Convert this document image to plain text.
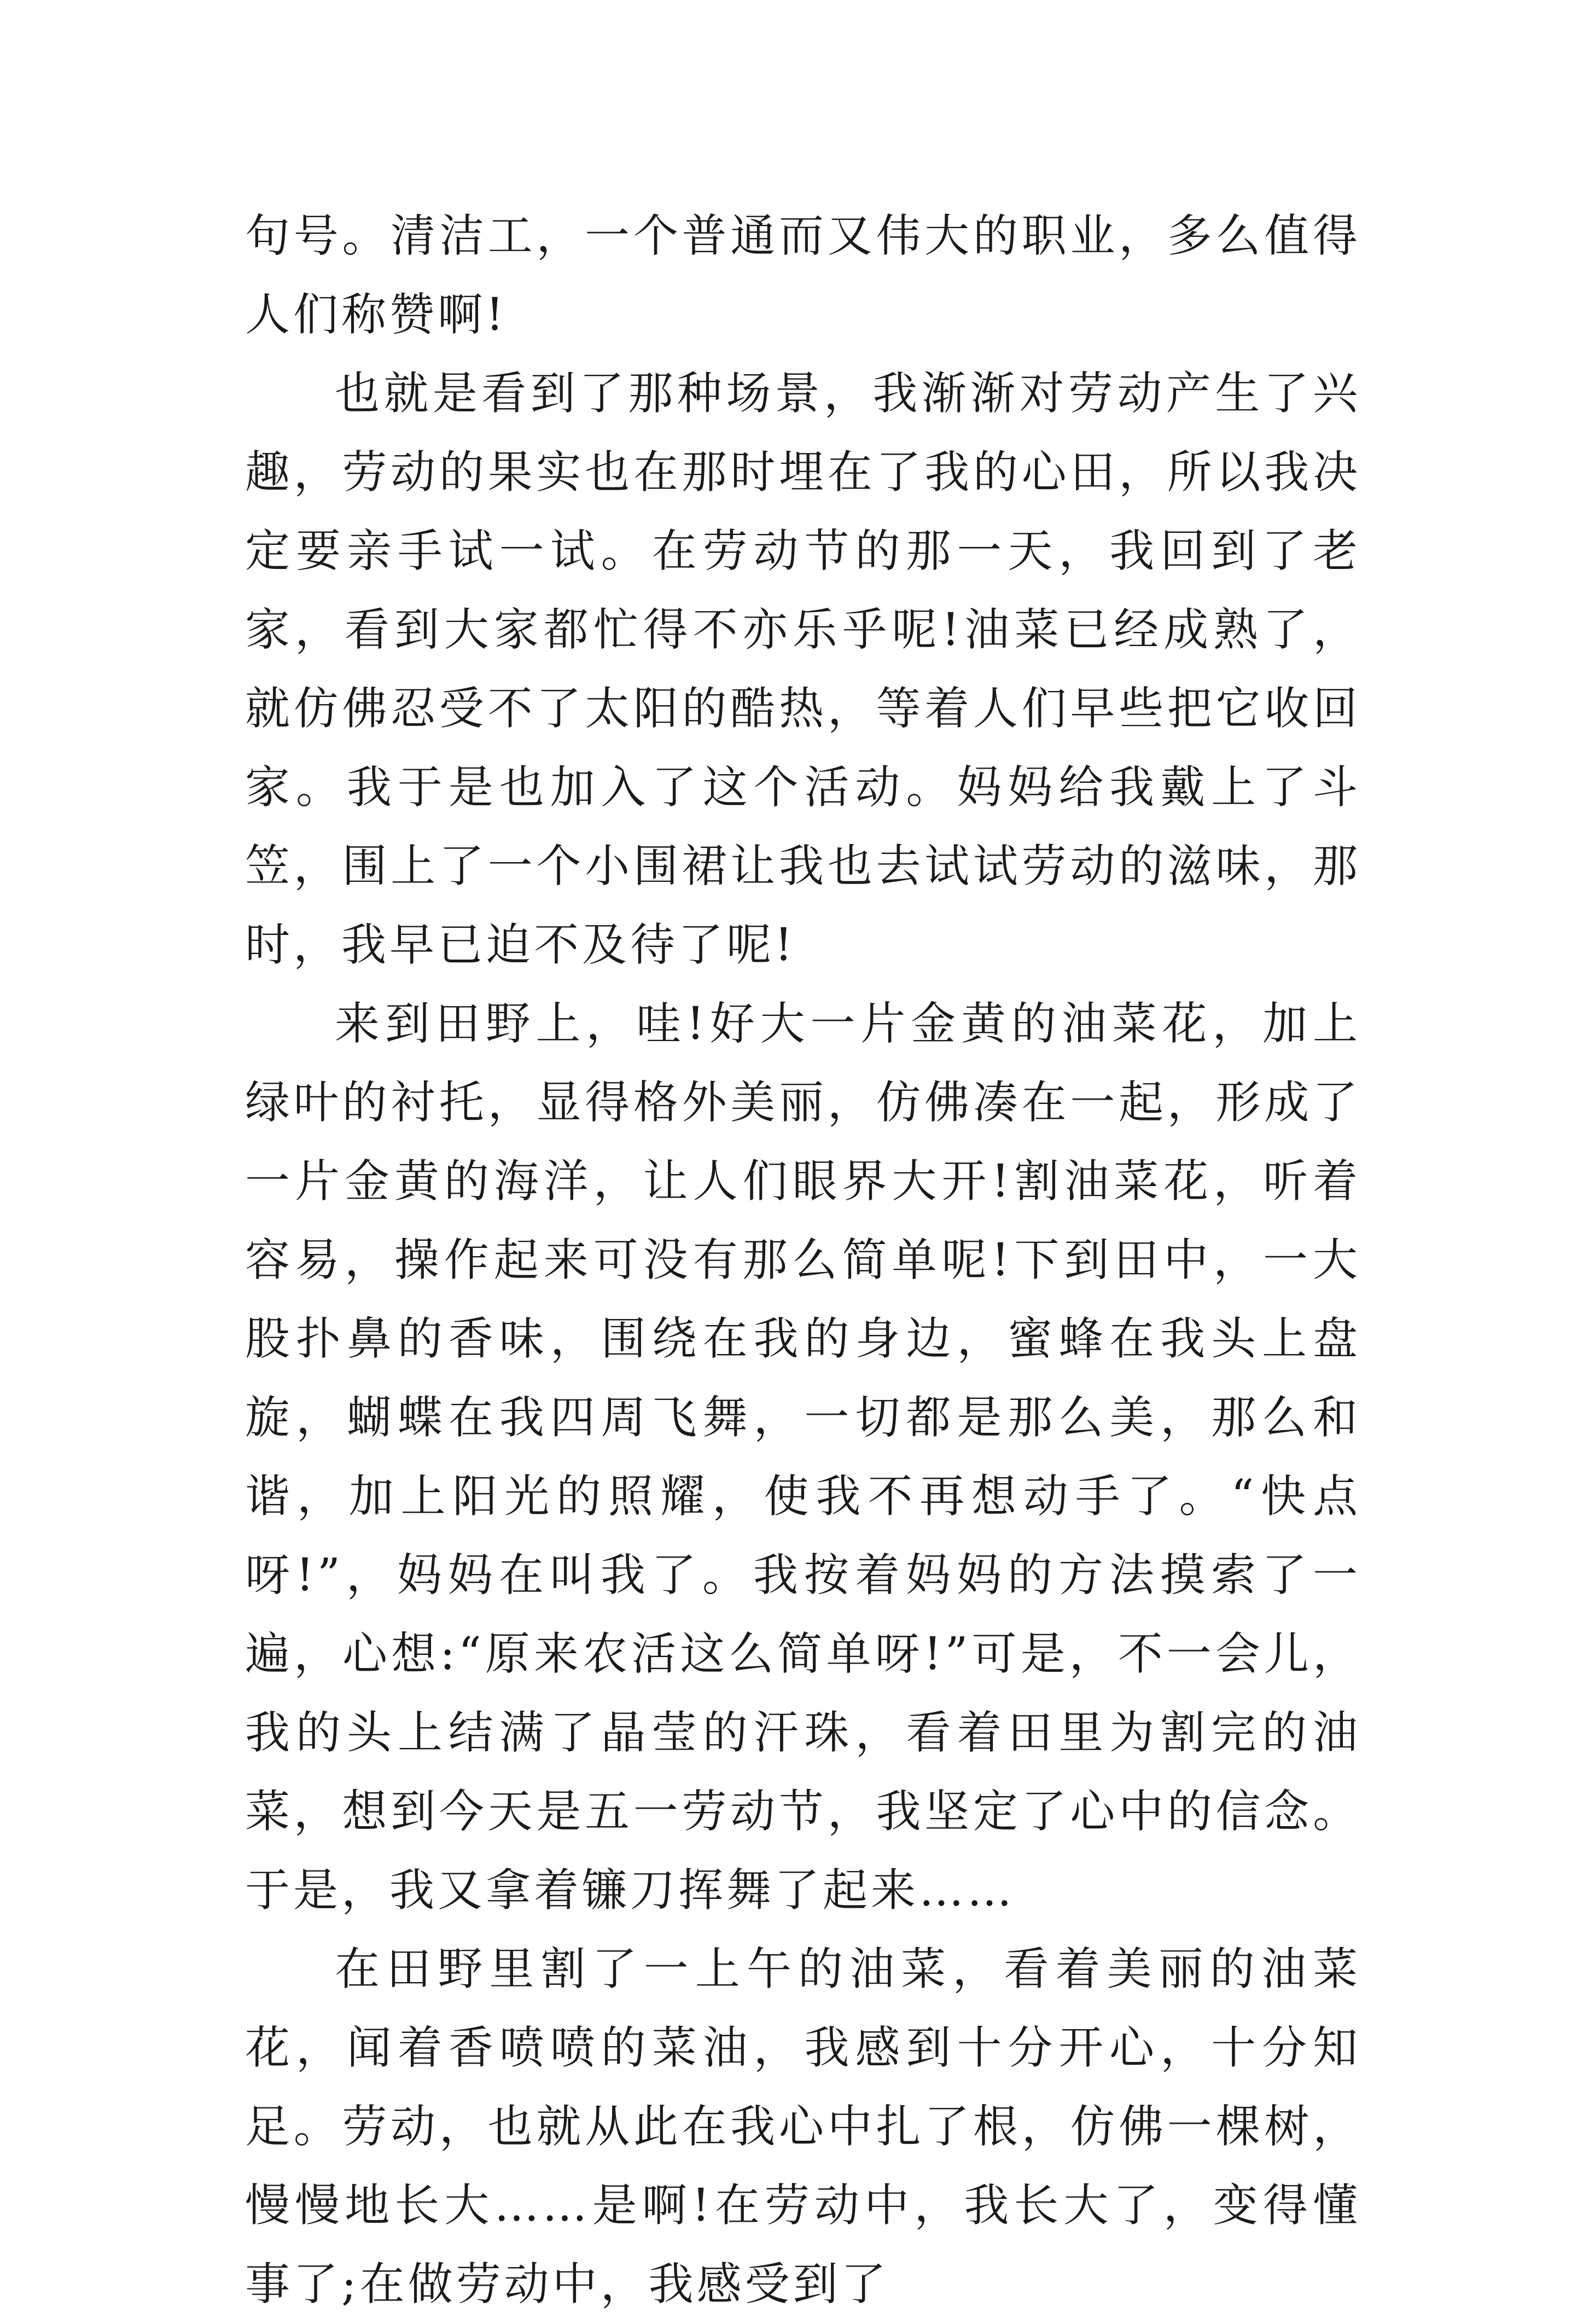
句号。清洁工，一个普通而又伟大的职业，多么值得人们称赞啊!

也就是看到了那种场景，我渐渐对劳动产生了兴趣，劳动的果实也在那时埋在了我的心田，所以我决定要亲手试一试。在劳动节的那一天，我回到了老家，看到大家都忙得不亦乐乎呢!油菜已经成熟了，就仿佛忍受不了太阳的酷热，等着人们早些把它收回家。我于是也加入了这个活动。妈妈给我戴上了斗笠，围上了一个小围裙让我也去试试劳动的滋味，那时，我早已迫不及待了呢!

来到田野上，哇!好大一片金黄的油菜花，加上绿叶的衬托，显得格外美丽，仿佛凑在一起，形成了一片金黄的海洋，让人们眼界大开!割油菜花，听着容易，操作起来可没有那么简单呢!下到田中，一大股扑鼻的香味，围绕在我的身边，蜜蜂在我头上盘旋，蝴蝶在我四周飞舞，一切都是那么美，那么和谐，加上阳光的照耀，使我不再想动手了。“快点呀!”，妈妈在叫我了。我按着妈妈的方法摸索了一遍，心想:“原来农活这么简单呀!”可是，不一会儿，我的头上结满了晶莹的汗珠，看着田里为割完的油菜，想到今天是五一劳动节，我坚定了心中的信念。于是，我又拿着镰刀挥舞了起来……

在田野里割了一上午的油菜，看着美丽的油菜花，闻着香喷喷的菜油，我感到十分开心，十分知足。劳动，也就从此在我心中扎了根，仿佛一棵树，慢慢地长大……是啊!在劳动中，我长大了，变得懂事了;在做劳动中，我感受到了
